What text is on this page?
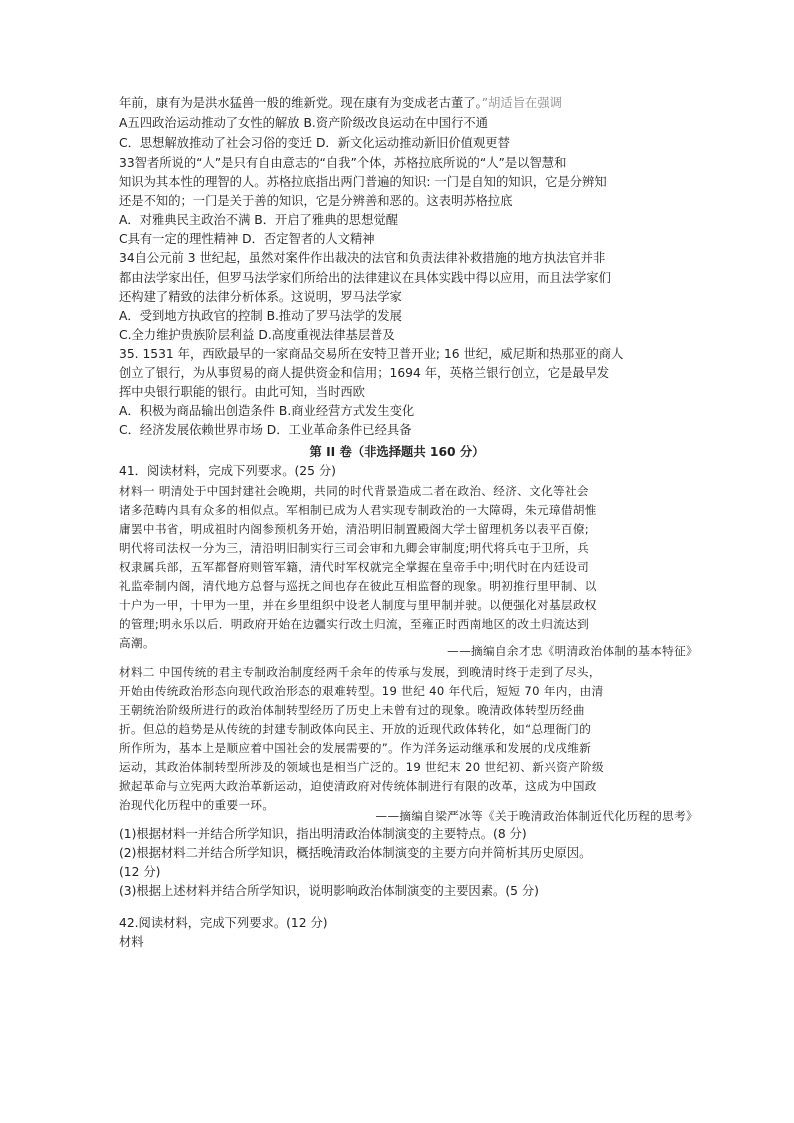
年前，康有为是洪水猛兽一般的维新党。现在康有为变成老古董了。”胡适旨在强调
A五四政治运动推动了女性的解放 B.资产阶级改良运动在中国行不通
C．思想解放推动了社会习俗的变迁 D．新文化运动推动新旧价值观更替
33智者所说的“人”是只有自由意志的“自我”个体，苏格拉底所说的“人”是以智慧和
知识为其本性的理智的人。苏格拉底指出两门普遍的知识: 一门是自知的知识，它是分辨知
还是不知的；一门是关于善的知识，它是分辨善和恶的。这表明苏格拉底
A．对雅典民主政治不满 B．开启了雅典的思想觉醒
C具有一定的理性精神 D．否定智者的人文精神
34自公元前 3 世纪起，虽然对案件作出裁决的法官和负责法律补救措施的地方执法官并非
都由法学家出任，但罗马法学家们所给出的法律建议在具体实践中得以应用，而且法学家们
还构建了精致的法律分析体系。这说明，罗马法学家
A．受到地方执政官的控制 B.推动了罗马法学的发展
C.全力维护贵族阶层利益 D.高度重视法律基层普及
35. 1531 年，西欧最早的一家商品交易所在安特卫普开业; 16 世纪，威尼斯和热那亚的商人
创立了银行，为从事贸易的商人提供资金和信用；1694 年，英格兰银行创立，它是最早发
挥中央银行职能的银行。由此可知，当时西欧
A．积极为商品输出创造条件 B.商业经营方式发生变化
C．经济发展依赖世界市场 D．工业革命条件已经具备
第 II 卷（非选择题共 160 分）
41．阅读材料，完成下列要求。(25 分)
材料一 明清处于中国封建社会晚期，共同的时代背景造成二者在政治、经济、文化等社会
诸多范畴内具有众多的相似点。军相制已成为人君实现专制政治的一大障碍，朱元璋借胡惟
庸罢中书省，明成祖时内阁参预机务开始，清沿明旧制置殿阁大学士留理机务以表平百僚;
明代将司法权一分为三，清沿明旧制实行三司会审和九卿会审制度;明代将兵屯于卫所，兵
权隶属兵部，五军都督府则管军籍，清代时军权就完全掌握在皇帝手中;明代时在内廷设司
礼监牵制内阁，清代地方总督与巡抚之间也存在彼此互相监督的现象。明初推行里甲制、以
十户为一甲，十甲为一里，并在乡里组织中设老人制度与里甲制并驶。以便强化对基层政权
的管理;明永乐以后．明政府开始在边疆实行改土归流，至雍正时西南地区的改土归流达到
高潮。
——摘编自余才忠《明清政治体制的基本特征》
材料二 中国传统的君主专制政治制度经两千余年的传承与发展，到晚清时终于走到了尽头，
开始由传统政治形态向现代政治形态的艰难转型。19 世纪 40 年代后，短短 70 年内，由清
王朝统治阶级所进行的政治体制转型经历了历史上未曾有过的现象。晚清政体转型历经曲
折。但总的趋势是从传统的封建专制政体向民主、开放的近现代政体转化，如“总理衙门的
所作所为，基本上是顺应着中国社会的发展需要的”。作为洋务运动继承和发展的戊戌维新
运动，其政治体制转型所涉及的领域也是相当广泛的。19 世纪末 20 世纪初、新兴资产阶级
掀起革命与立宪两大政治革新运动，迫使清政府对传统体制进行有限的改革，这成为中国政
治现代化历程中的重要一环。
——摘编自梁严冰等《关于晚清政治体制近代化历程的思考》
(1)根据材料一并结合所学知识，指出明清政治体制演变的主要特点。(8 分)
(2)根据材料二并结合所学知识，概括晚清政治体制演变的主要方向并简析其历史原因。
(12 分)
(3)根据上述材料并结合所学知识，说明影响政治体制演变的主要因素。(5 分)
42.阅读材料，完成下列要求。(12 分)
材料
